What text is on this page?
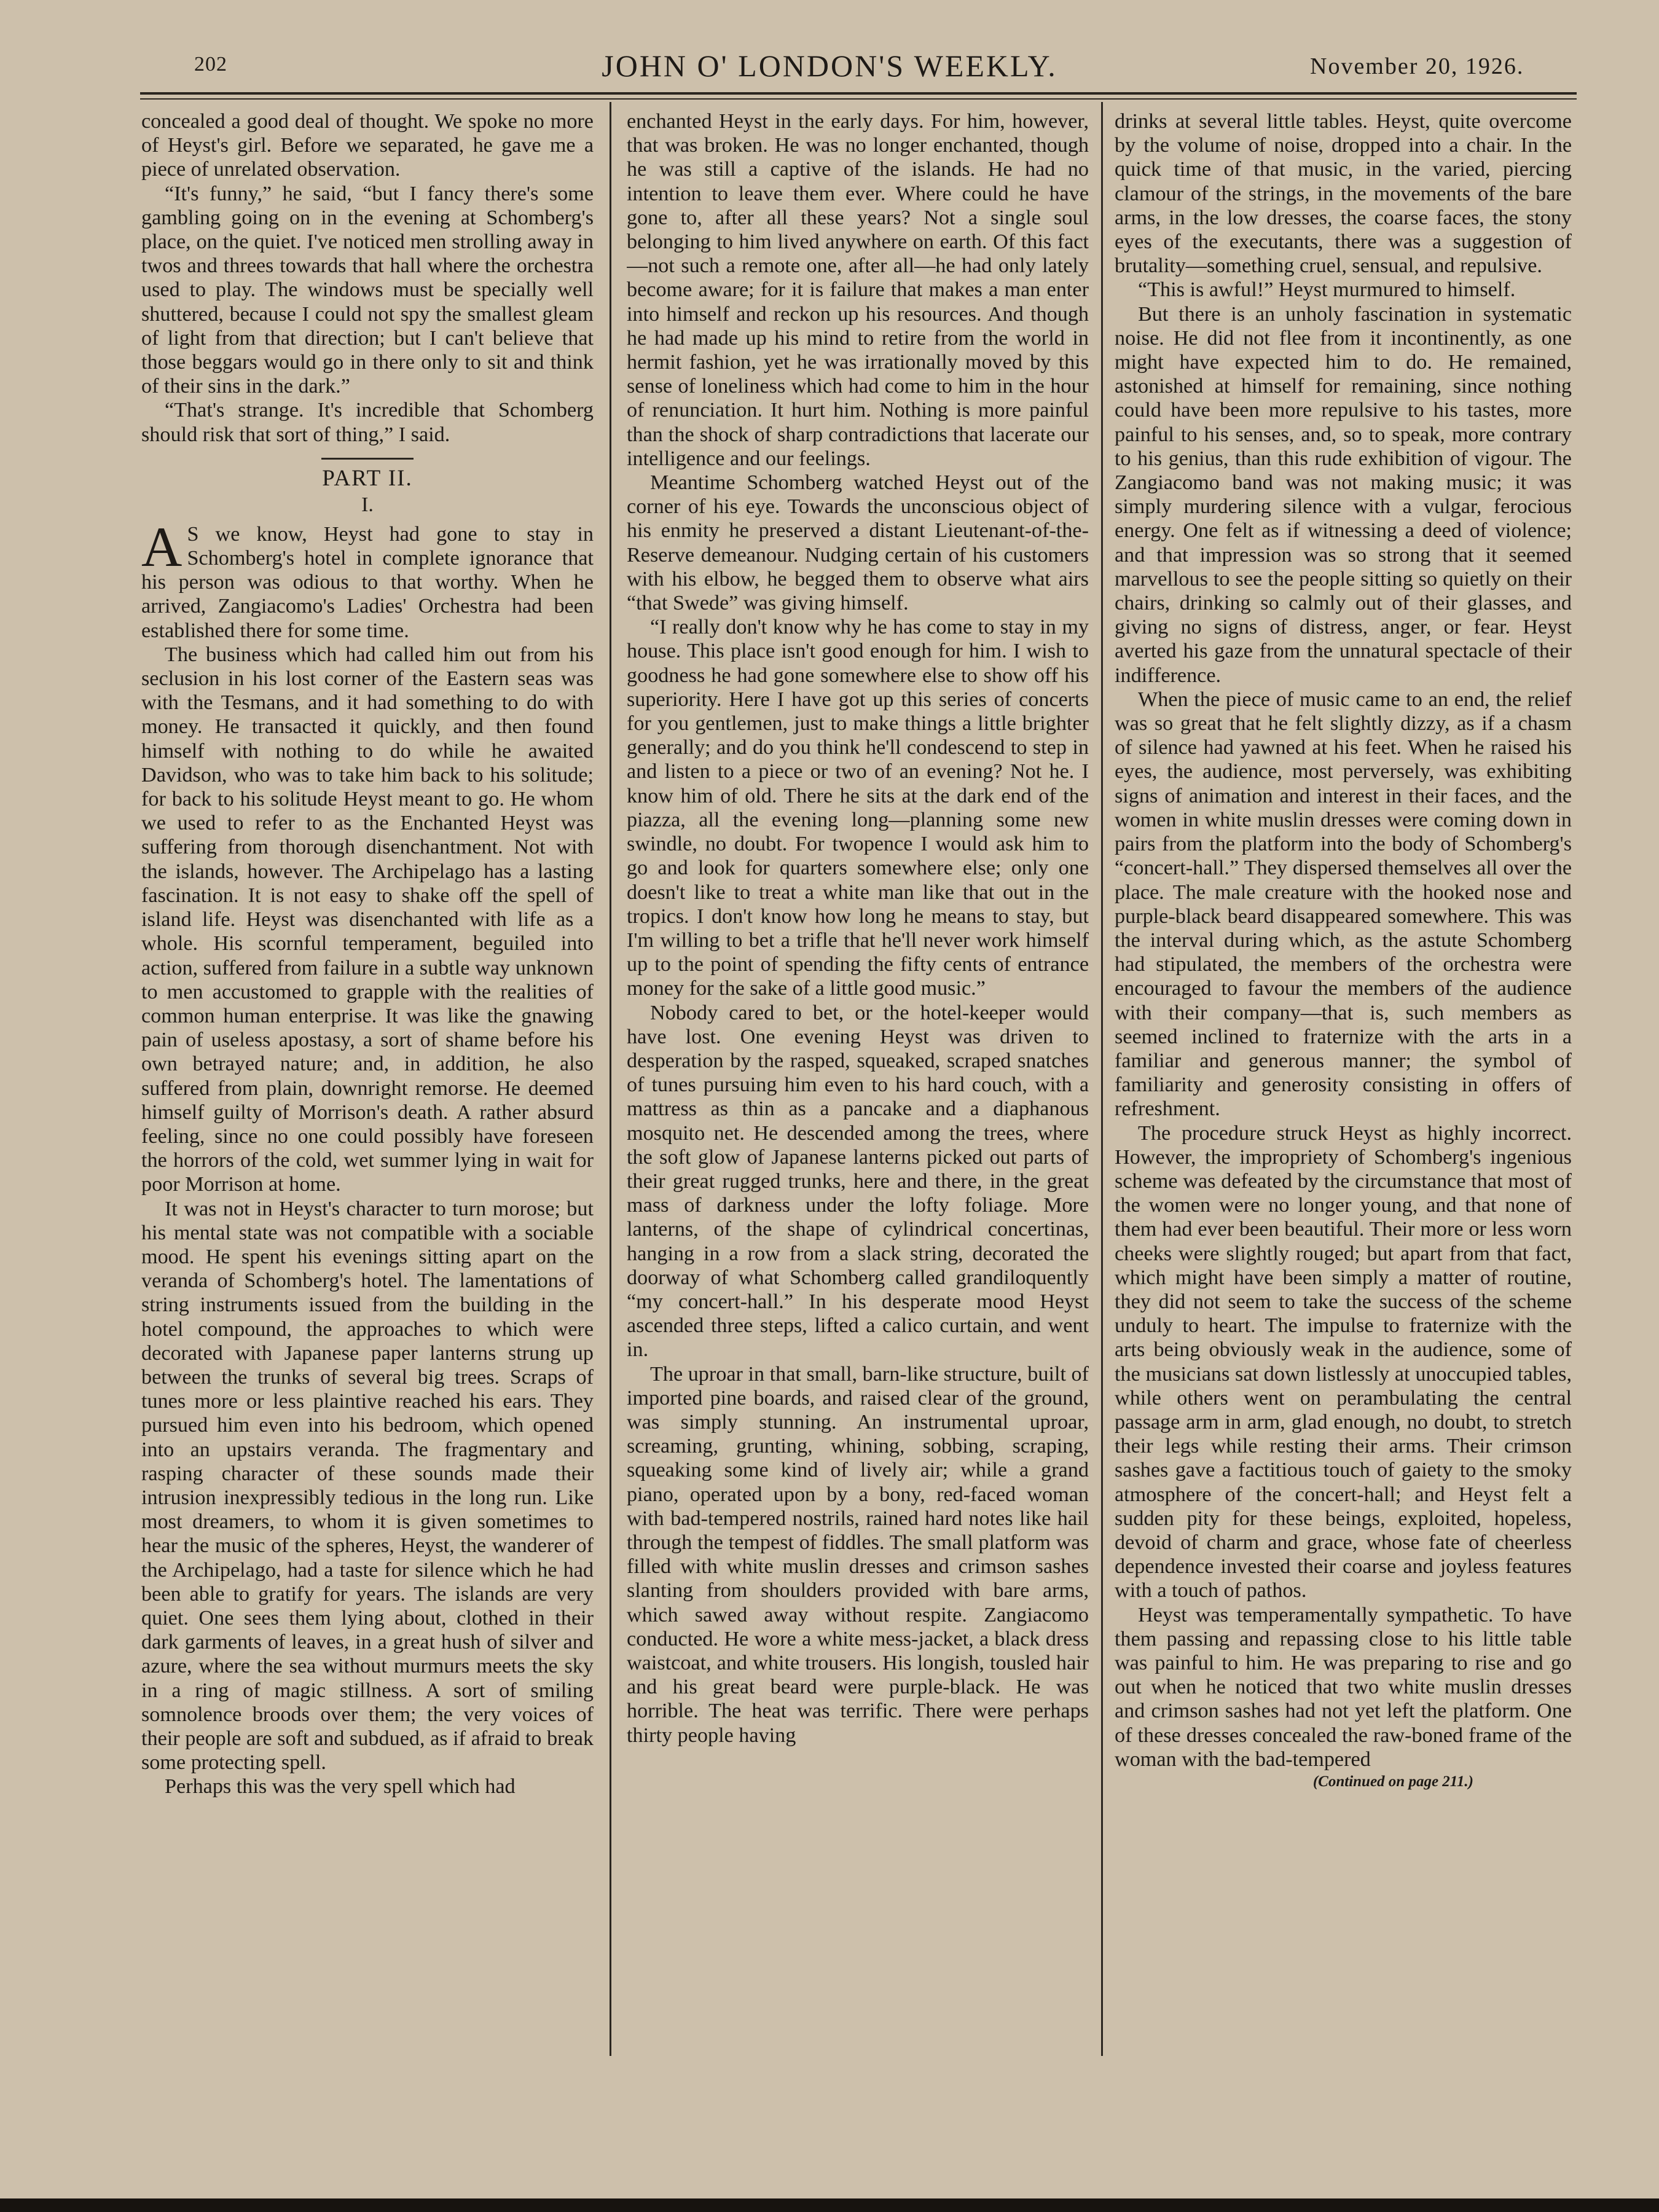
202	JOHN O' LONDON'S WEEKLY.	November 20, 1926.

concealed a good deal of thought. We spoke no more of Heyst's girl. Before we separated, he gave me a piece of unrelated observation.

“It's funny,” he said, “but I fancy there's some gambling going on in the evening at Schomberg's place, on the quiet. I've noticed men strolling away in twos and threes towards that hall where the orchestra used to play. The windows must be specially well shuttered, because I could not spy the smallest gleam of light from that direction; but I can't believe that those beggars would go in there only to sit and think of their sins in the dark.”

“That's strange. It's incredible that Schomberg should risk that sort of thing,” I said.

PART II.
I.

A S we know, Heyst had gone to stay in Schomberg's hotel in complete ignorance that his person was odious to that worthy. When he arrived, Zangiacomo's Ladies' Orchestra had been established there for some time.

The business which had called him out from his seclusion in his lost corner of the Eastern seas was with the Tesmans, and it had something to do with money. He transacted it quickly, and then found himself with nothing to do while he awaited Davidson, who was to take him back to his solitude; for back to his solitude Heyst meant to go. He whom we used to refer to as the Enchanted Heyst was suffering from thorough disenchantment. Not with the islands, however. The Archipelago has a lasting fascination. It is not easy to shake off the spell of island life. Heyst was disenchanted with life as a whole. His scornful temperament, beguiled into action, suffered from failure in a subtle way unknown to men accustomed to grapple with the realities of common human enterprise. It was like the gnawing pain of useless apostasy, a sort of shame before his own betrayed nature; and, in addition, he also suffered from plain, downright remorse. He deemed himself guilty of Morrison's death. A rather absurd feeling, since no one could possibly have foreseen the horrors of the cold, wet summer lying in wait for poor Morrison at home.

It was not in Heyst's character to turn morose; but his mental state was not compatible with a sociable mood. He spent his evenings sitting apart on the veranda of Schomberg's hotel. The lamentations of string instruments issued from the building in the hotel compound, the approaches to which were decorated with Japanese paper lanterns strung up between the trunks of several big trees. Scraps of tunes more or less plaintive reached his ears. They pursued him even into his bedroom, which opened into an upstairs veranda. The fragmentary and rasping character of these sounds made their intrusion inexpressibly tedious in the long run. Like most dreamers, to whom it is given sometimes to hear the music of the spheres, Heyst, the wanderer of the Archipelago, had a taste for silence which he had been able to gratify for years. The islands are very quiet. One sees them lying about, clothed in their dark garments of leaves, in a great hush of silver and azure, where the sea without murmurs meets the sky in a ring of magic stillness. A sort of smiling somnolence broods over them; the very voices of their people are soft and subdued, as if afraid to break some protecting spell.

Perhaps this was the very spell which had

enchanted Heyst in the early days. For him, however, that was broken. He was no longer enchanted, though he was still a captive of the islands. He had no intention to leave them ever. Where could he have gone to, after all these years? Not a single soul belonging to him lived anywhere on earth. Of this fact—not such a remote one, after all—he had only lately become aware; for it is failure that makes a man enter into himself and reckon up his resources. And though he had made up his mind to retire from the world in hermit fashion, yet he was irrationally moved by this sense of loneliness which had come to him in the hour of renunciation. It hurt him. Nothing is more painful than the shock of sharp contradictions that lacerate our intelligence and our feelings.

Meantime Schomberg watched Heyst out of the corner of his eye. Towards the unconscious object of his enmity he preserved a distant Lieutenant-of-the-Reserve demeanour. Nudging certain of his customers with his elbow, he begged them to observe what airs “that Swede” was giving himself.

“I really don't know why he has come to stay in my house. This place isn't good enough for him. I wish to goodness he had gone somewhere else to show off his superiority. Here I have got up this series of concerts for you gentlemen, just to make things a little brighter generally; and do you think he'll condescend to step in and listen to a piece or two of an evening? Not he. I know him of old. There he sits at the dark end of the piazza, all the evening long—planning some new swindle, no doubt. For twopence I would ask him to go and look for quarters somewhere else; only one doesn't like to treat a white man like that out in the tropics. I don't know how long he means to stay, but I'm willing to bet a trifle that he'll never work himself up to the point of spending the fifty cents of entrance money for the sake of a little good music.”

Nobody cared to bet, or the hotel-keeper would have lost. One evening Heyst was driven to desperation by the rasped, squeaked, scraped snatches of tunes pursuing him even to his hard couch, with a mattress as thin as a pancake and a diaphanous mosquito net. He descended among the trees, where the soft glow of Japanese lanterns picked out parts of their great rugged trunks, here and there, in the great mass of darkness under the lofty foliage. More lanterns, of the shape of cylindrical concertinas, hanging in a row from a slack string, decorated the doorway of what Schomberg called grandiloquently “my concert-hall.” In his desperate mood Heyst ascended three steps, lifted a calico curtain, and went in.

The uproar in that small, barn-like structure, built of imported pine boards, and raised clear of the ground, was simply stunning. An instrumental uproar, screaming, grunting, whining, sobbing, scraping, squeaking some kind of lively air; while a grand piano, operated upon by a bony, red-faced woman with bad-tempered nostrils, rained hard notes like hail through the tempest of fiddles. The small platform was filled with white muslin dresses and crimson sashes slanting from shoulders provided with bare arms, which sawed away without respite. Zangiacomo conducted. He wore a white mess-jacket, a black dress waistcoat, and white trousers. His longish, tousled hair and his great beard were purple-black. He was horrible. The heat was terrific. There were perhaps thirty people having

drinks at several little tables. Heyst, quite overcome by the volume of noise, dropped into a chair. In the quick time of that music, in the varied, piercing clamour of the strings, in the movements of the bare arms, in the low dresses, the coarse faces, the stony eyes of the executants, there was a suggestion of brutality—something cruel, sensual, and repulsive.

“This is awful!” Heyst murmured to himself.

But there is an unholy fascination in systematic noise. He did not flee from it incontinently, as one might have expected him to do. He remained, astonished at himself for remaining, since nothing could have been more repulsive to his tastes, more painful to his senses, and, so to speak, more contrary to his genius, than this rude exhibition of vigour. The Zangiacomo band was not making music; it was simply murdering silence with a vulgar, ferocious energy. One felt as if witnessing a deed of violence; and that impression was so strong that it seemed marvellous to see the people sitting so quietly on their chairs, drinking so calmly out of their glasses, and giving no signs of distress, anger, or fear. Heyst averted his gaze from the unnatural spectacle of their indifference.

When the piece of music came to an end, the relief was so great that he felt slightly dizzy, as if a chasm of silence had yawned at his feet. When he raised his eyes, the audience, most perversely, was exhibiting signs of animation and interest in their faces, and the women in white muslin dresses were coming down in pairs from the platform into the body of Schomberg's “concert-hall.” They dispersed themselves all over the place. The male creature with the hooked nose and purple-black beard disappeared somewhere. This was the interval during which, as the astute Schomberg had stipulated, the members of the orchestra were encouraged to favour the members of the audience with their company—that is, such members as seemed inclined to fraternize with the arts in a familiar and generous manner; the symbol of familiarity and generosity consisting in offers of refreshment.

The procedure struck Heyst as highly incorrect. However, the impropriety of Schomberg's ingenious scheme was defeated by the circumstance that most of the women were no longer young, and that none of them had ever been beautiful. Their more or less worn cheeks were slightly rouged; but apart from that fact, which might have been simply a matter of routine, they did not seem to take the success of the scheme unduly to heart. The impulse to fraternize with the arts being obviously weak in the audience, some of the musicians sat down listlessly at unoccupied tables, while others went on perambulating the central passage arm in arm, glad enough, no doubt, to stretch their legs while resting their arms. Their crimson sashes gave a factitious touch of gaiety to the smoky atmosphere of the concert-hall; and Heyst felt a sudden pity for these beings, exploited, hopeless, devoid of charm and grace, whose fate of cheerless dependence invested their coarse and joyless features with a touch of pathos.

Heyst was temperamentally sympathetic. To have them passing and repassing close to his little table was painful to him. He was preparing to rise and go out when he noticed that two white muslin dresses and crimson sashes had not yet left the platform. One of these dresses concealed the raw-boned frame of the woman with the bad-tempered

(Continued on page 211.)
